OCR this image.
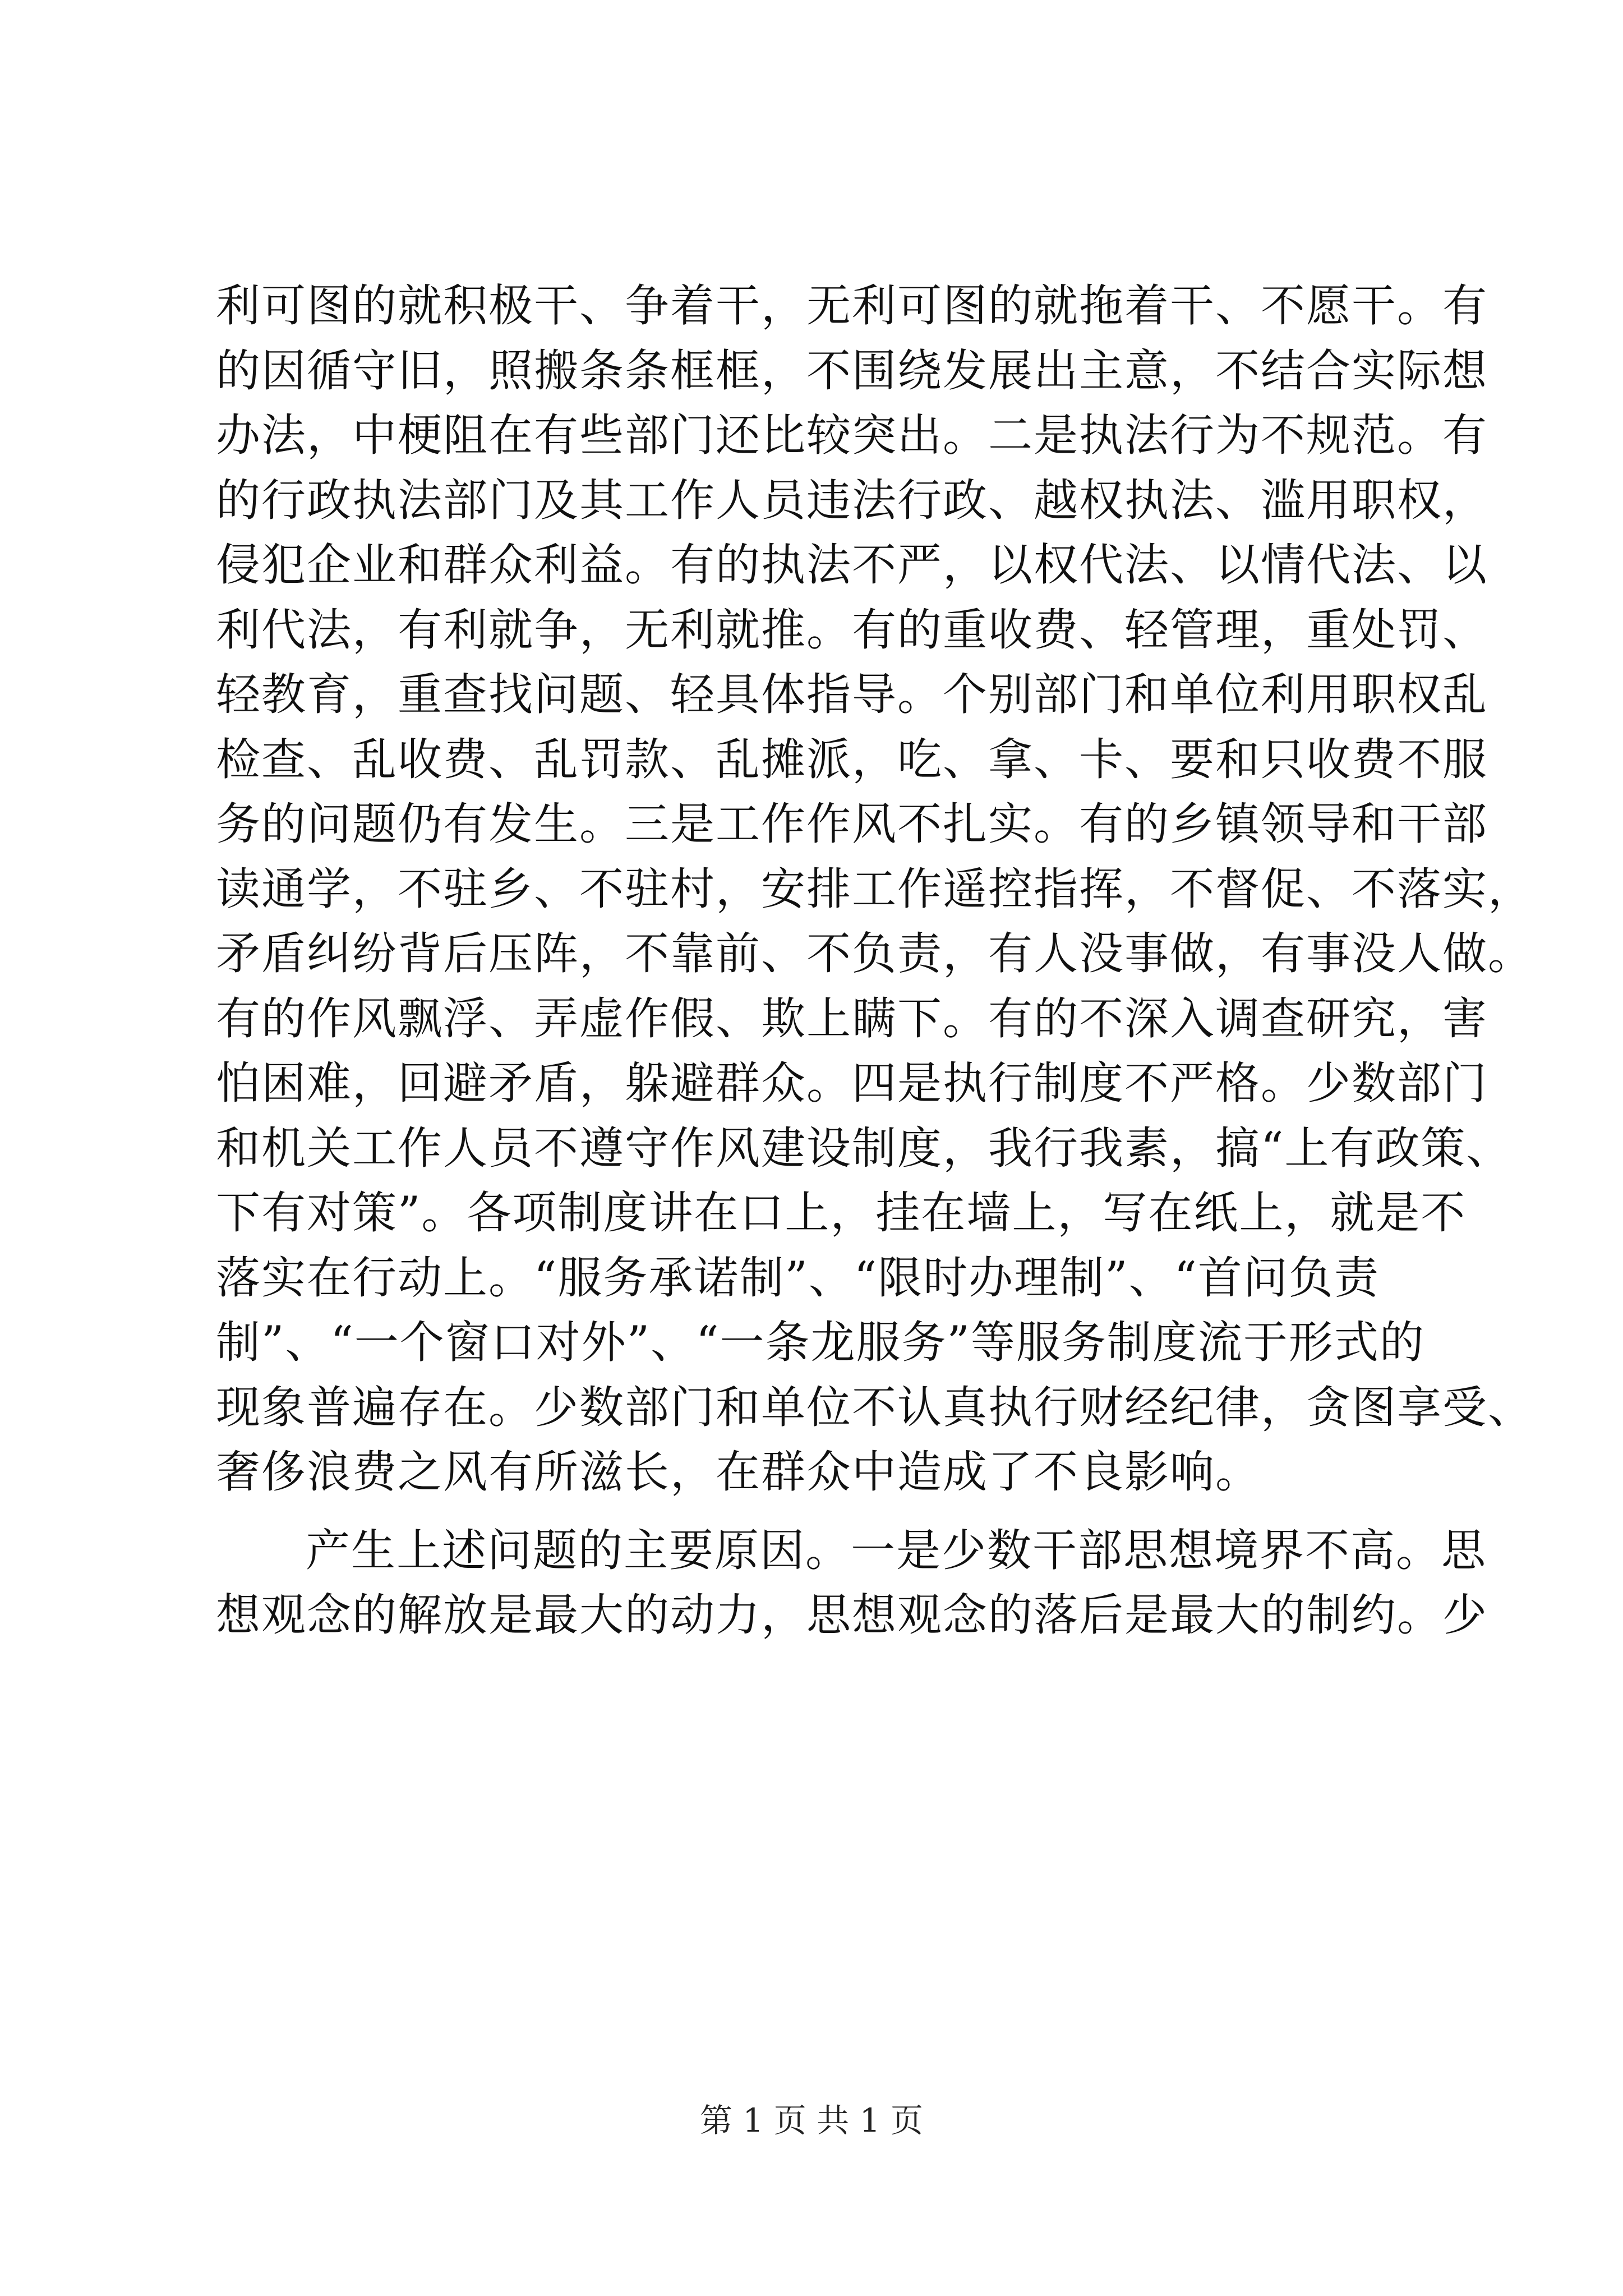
利可图的就积极干、争着干，无利可图的就拖着干、不愿干。有
的因循守旧，照搬条条框框，不围绕发展出主意，不结合实际想
办法，中梗阻在有些部门还比较突出。二是执法行为不规范。有
的行政执法部门及其工作人员违法行政、越权执法、滥用职权，
侵犯企业和群众利益。有的执法不严，以权代法、以情代法、以
利代法，有利就争，无利就推。有的重收费、轻管理，重处罚、
轻教育，重查找问题、轻具体指导。个别部门和单位利用职权乱
检查、乱收费、乱罚款、乱摊派，吃、拿、卡、要和只收费不服
务的问题仍有发生。三是工作作风不扎实。有的乡镇领导和干部
读通学，不驻乡、不驻村，安排工作遥控指挥，不督促、不落实，
矛盾纠纷背后压阵，不靠前、不负责，有人没事做，有事没人做。
有的作风飘浮、弄虚作假、欺上瞒下。有的不深入调查研究，害
怕困难，回避矛盾，躲避群众。四是执行制度不严格。少数部门
和机关工作人员不遵守作风建设制度，我行我素，搞“上有政策、
下有对策”。各项制度讲在口上，挂在墙上，写在纸上，就是不
落实在行动上。“服务承诺制”、“限时办理制”、“首问负责
制”、“一个窗口对外”、“一条龙服务”等服务制度流于形式的
现象普遍存在。少数部门和单位不认真执行财经纪律，贪图享受、
奢侈浪费之风有所滋长，在群众中造成了不良影响。
产生上述问题的主要原因。一是少数干部思想境界不高。思
想观念的解放是最大的动力，思想观念的落后是最大的制约。少
第 1 页 共 1 页
